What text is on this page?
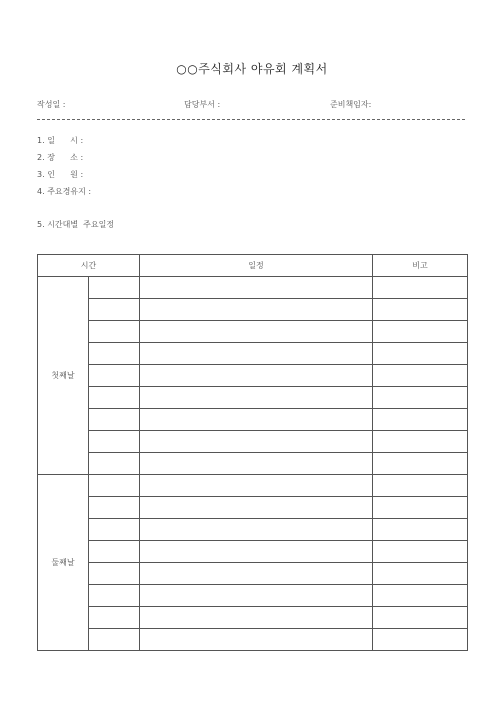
○○주식회사 야유회 계획서
작성일 :	담당부서 :	준비책임자:
1. 일      시 :
2. 장      소 :
3. 인      원 :
4. 주요경유지 :
5. 시간대별  주요일정
시간		일정	비고
첫째날			

둘째날			
